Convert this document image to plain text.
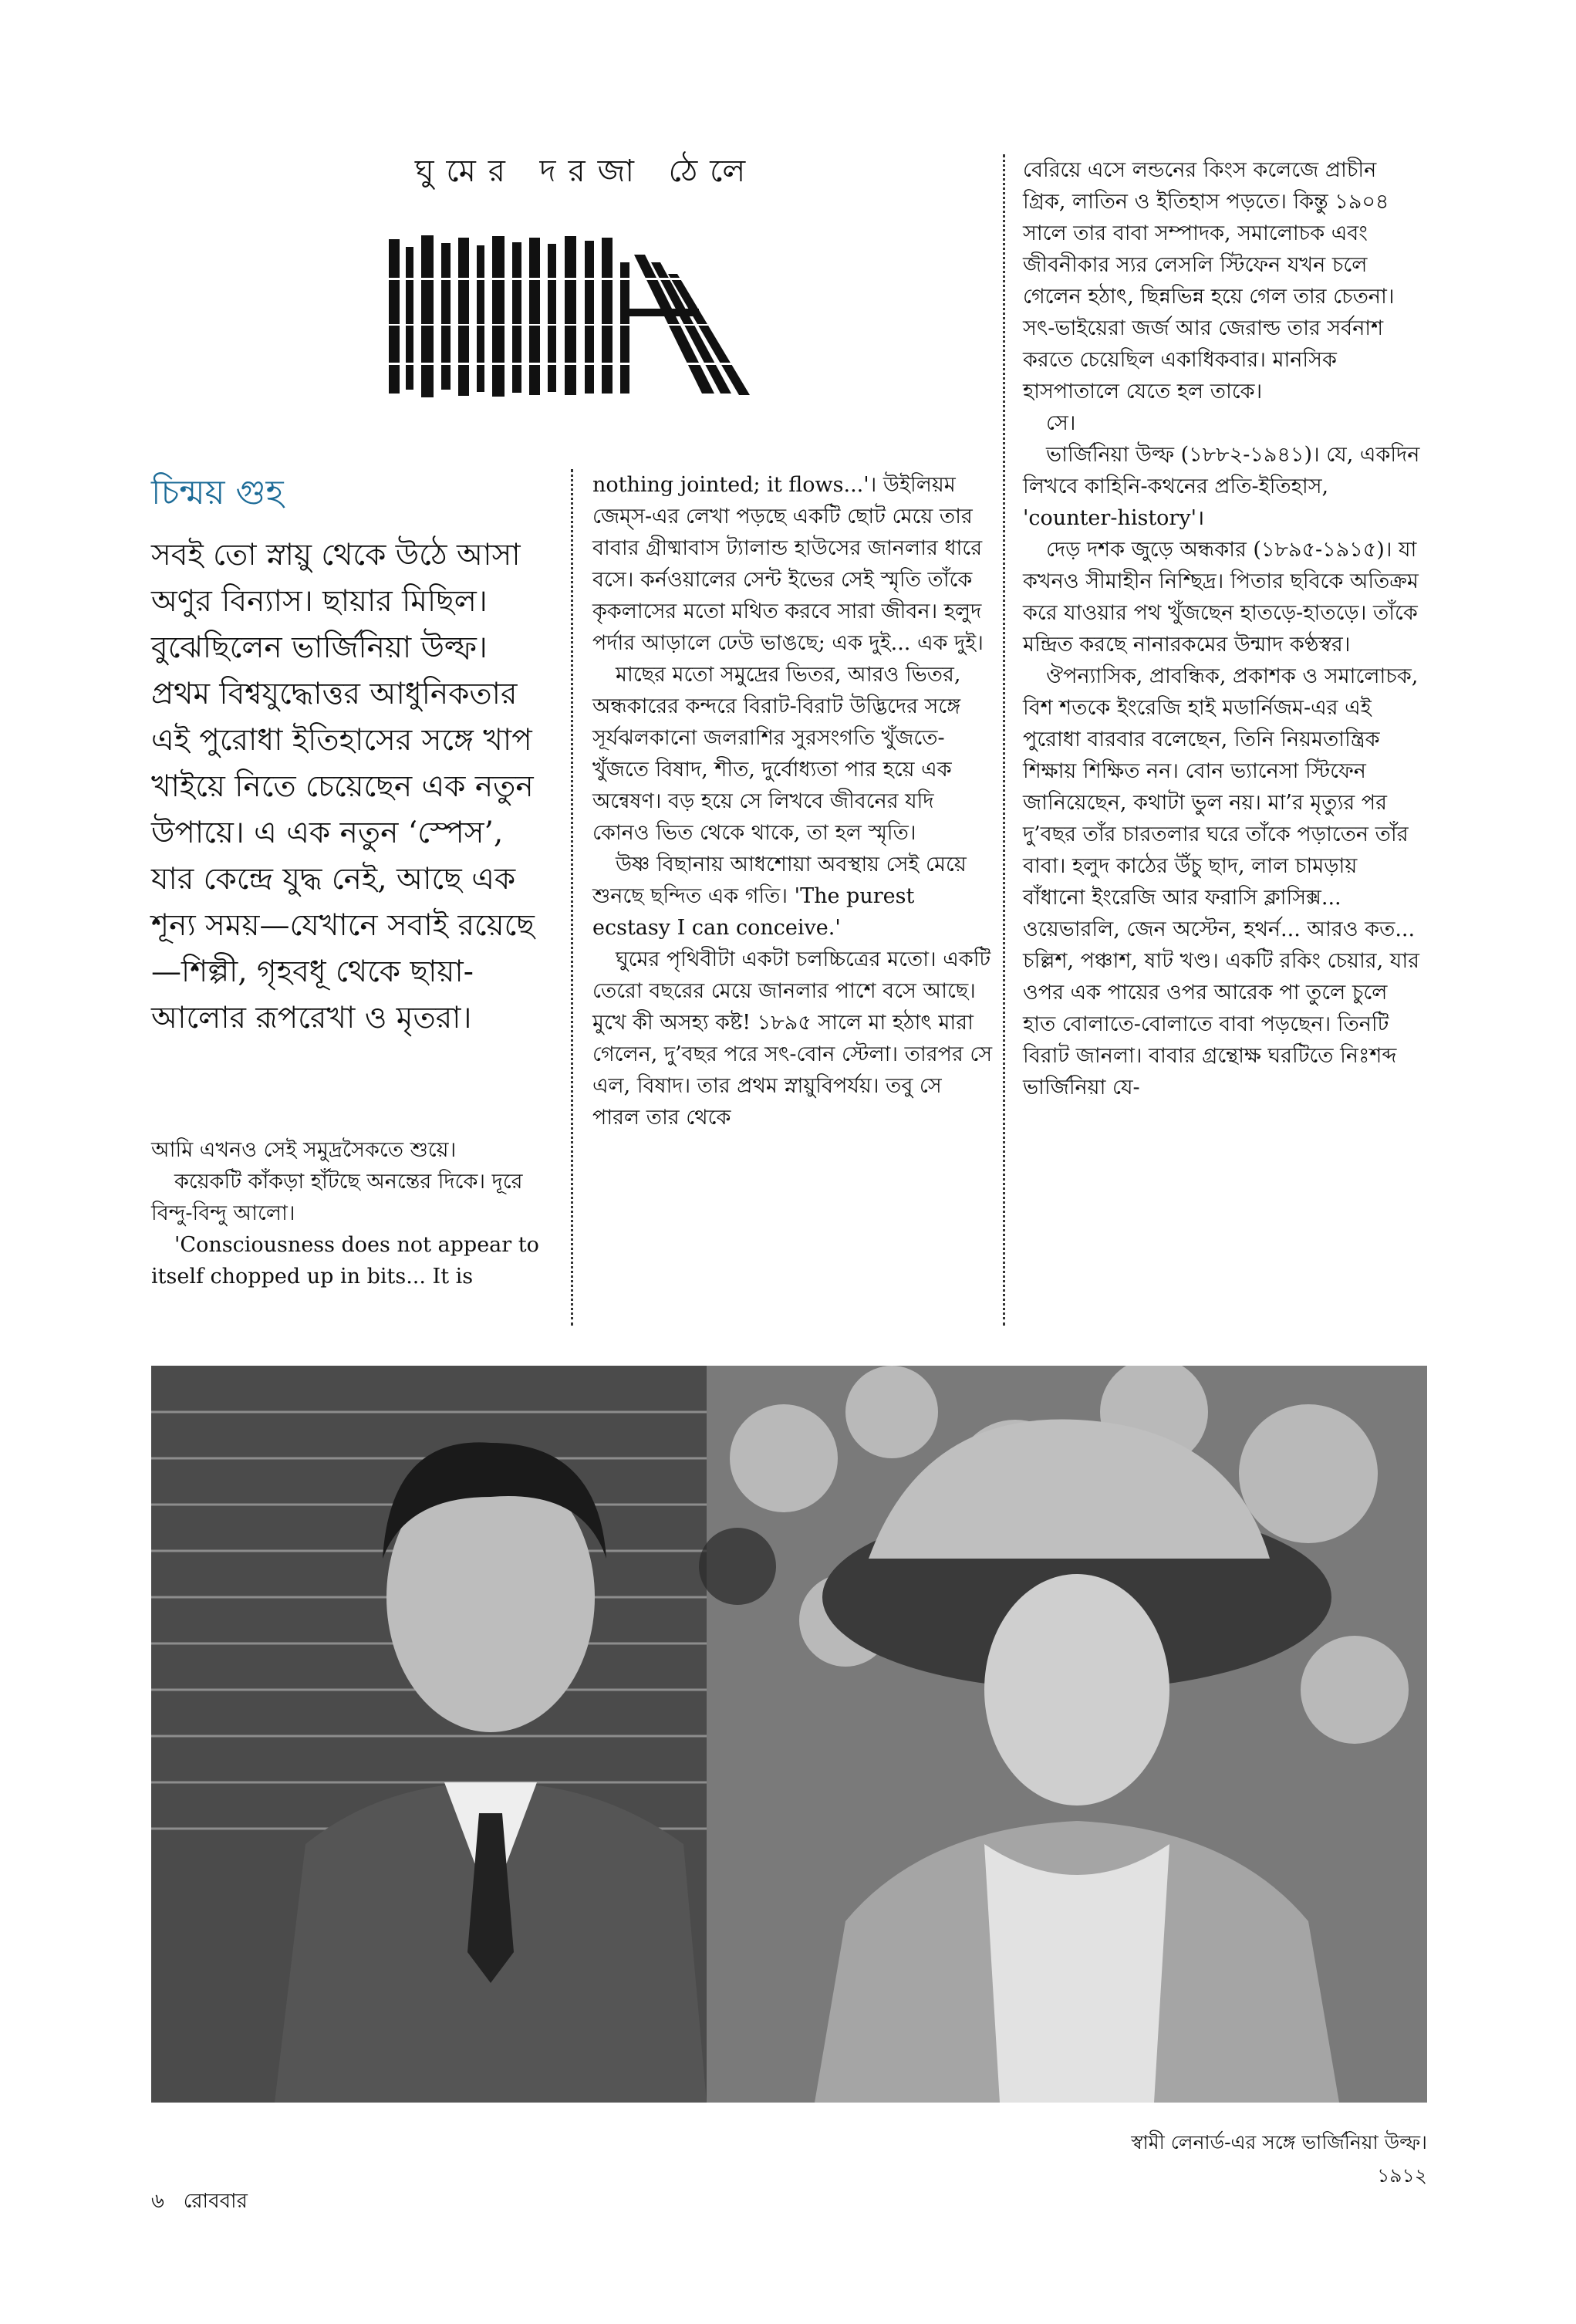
ঘুমের দরজা ঠেলে
চিন্ময় গুহ

সবই তো স্নায়ু থেকে উঠে আসা অণুর বিন্যাস। ছায়ার মিছিল। বুঝেছিলেন ভার্জিনিয়া উল্ফ। প্রথম বিশ্বযুদ্ধোত্তর আধুনিকতার এই পুরোধা ইতিহাসের সঙ্গে খাপ খাইয়ে নিতে চেয়েছেন এক নতুন উপায়ে। এ এক নতুন ‘স্পেস’, যার কেন্দ্রে যুদ্ধ নেই, আছে এক শূন্য সময়—যেখানে সবাই রয়েছে—শিল্পী, গৃহবধূ থেকে ছায়া-আলোর রূপরেখা ও মৃতরা।

আমি এখনও সেই সমুদ্রসৈকতে শুয়ে।

কয়েকটি কাঁকড়া হাঁটছে অনন্তের দিকে। দূরে বিন্দু-বিন্দু আলো।

'Consciousness does not appear to itself chopped up in bits... It is

nothing jointed; it flows...'। উইলিয়ম জেম্স-এর লেখা পড়ছে একটি ছোট মেয়ে তার বাবার গ্রীষ্মাবাস ট্যালান্ড হাউসের জানলার ধারে বসে। কর্নওয়ালের সেন্ট ইভের সেই স্মৃতি তাঁকে কৃকলাসের মতো মথিত করবে সারা জীবন। হলুদ পর্দার আড়ালে ঢেউ ভাঙছে; এক দুই... এক দুই।

মাছের মতো সমুদ্রের ভিতর, আরও ভিতর, অন্ধকারের কন্দরে বিরাট-বিরাট উদ্ভিদের সঙ্গে সূর্যঝলকানো জলরাশির সুরসংগতি খুঁজতে-খুঁজতে বিষাদ, শীত, দুর্বোধ্যতা পার হয়ে এক অন্বেষণ। বড় হয়ে সে লিখবে জীবনের যদি কোনও ভিত থেকে থাকে, তা হল স্মৃতি।

উষ্ণ বিছানায় আধশোয়া অবস্থায় সেই মেয়ে শুনছে ছন্দিত এক গতি। 'The purest ecstasy I can conceive.'

ঘুমের পৃথিবীটা একটা চলচ্চিত্রের মতো। একটি তেরো বছরের মেয়ে জানলার পাশে বসে আছে। মুখে কী অসহ্য কষ্ট! ১৮৯৫ সালে মা হঠাৎ মারা গেলেন, দু’বছর পরে সৎ-বোন স্টেলা। তারপর সে এল, বিষাদ। তার প্রথম স্নায়ুবিপর্যয়। তবু সে পারল তার থেকে

বেরিয়ে এসে লন্ডনের কিংস কলেজে প্রাচীন গ্রিক, লাতিন ও ইতিহাস পড়তে। কিন্তু ১৯০৪ সালে তার বাবা সম্পাদক, সমালোচক এবং জীবনীকার স্যর লেসলি স্টিফেন যখন চলে গেলেন হঠাৎ, ছিন্নভিন্ন হয়ে গেল তার চেতনা। সৎ-ভাইয়েরা জর্জ আর জেরাল্ড তার সর্বনাশ করতে চেয়েছিল একাধিকবার। মানসিক হাসপাতালে যেতে হল তাকে।

সে।

ভার্জিনিয়া উল্ফ (১৮৮২-১৯৪১)। যে, একদিন লিখবে কাহিনি-কথনের প্রতি-ইতিহাস, 'counter-history'।

দেড় দশক জুড়ে অন্ধকার (১৮৯৫-১৯১৫)। যা কখনও সীমাহীন নিশ্ছিদ্র। পিতার ছবিকে অতিক্রম করে যাওয়ার পথ খুঁজছেন হাতড়ে-হাতড়ে। তাঁকে মন্দ্রিত করছে নানারকমের উন্মাদ কণ্ঠস্বর।

ঔপন্যাসিক, প্রাবন্ধিক, প্রকাশক ও সমালোচক, বিশ শতকে ইংরেজি হাই মডার্নিজম-এর এই পুরোধা বারবার বলেছেন, তিনি নিয়মতান্ত্রিক শিক্ষায় শিক্ষিত নন। বোন ভ্যানেসা স্টিফেন জানিয়েছেন, কথাটা ভুল নয়। মা’র মৃত্যুর পর দু’বছর তাঁর চারতলার ঘরে তাঁকে পড়াতেন তাঁর বাবা। হলুদ কাঠের উঁচু ছাদ, লাল চামড়ায় বাঁধানো ইংরেজি আর ফরাসি ক্লাসিক্স... ওয়েভারলি, জেন অস্টেন, হথর্ন... আরও কত... চল্লিশ, পঞ্চাশ, ষাট খণ্ড। একটি রকিং চেয়ার, যার ওপর এক পায়ের ওপর আরেক পা তুলে চুলে হাত বোলাতে-বোলাতে বাবা পড়ছেন। তিনটি বিরাট জানলা। বাবার গ্রন্থোক্ষ ঘরটিতে নিঃশব্দ ভার্জিনিয়া যে-

স্বামী লেনার্ড-এর সঙ্গে ভার্জিনিয়া উল্ফ। ১৯১২
৬ রোববার
